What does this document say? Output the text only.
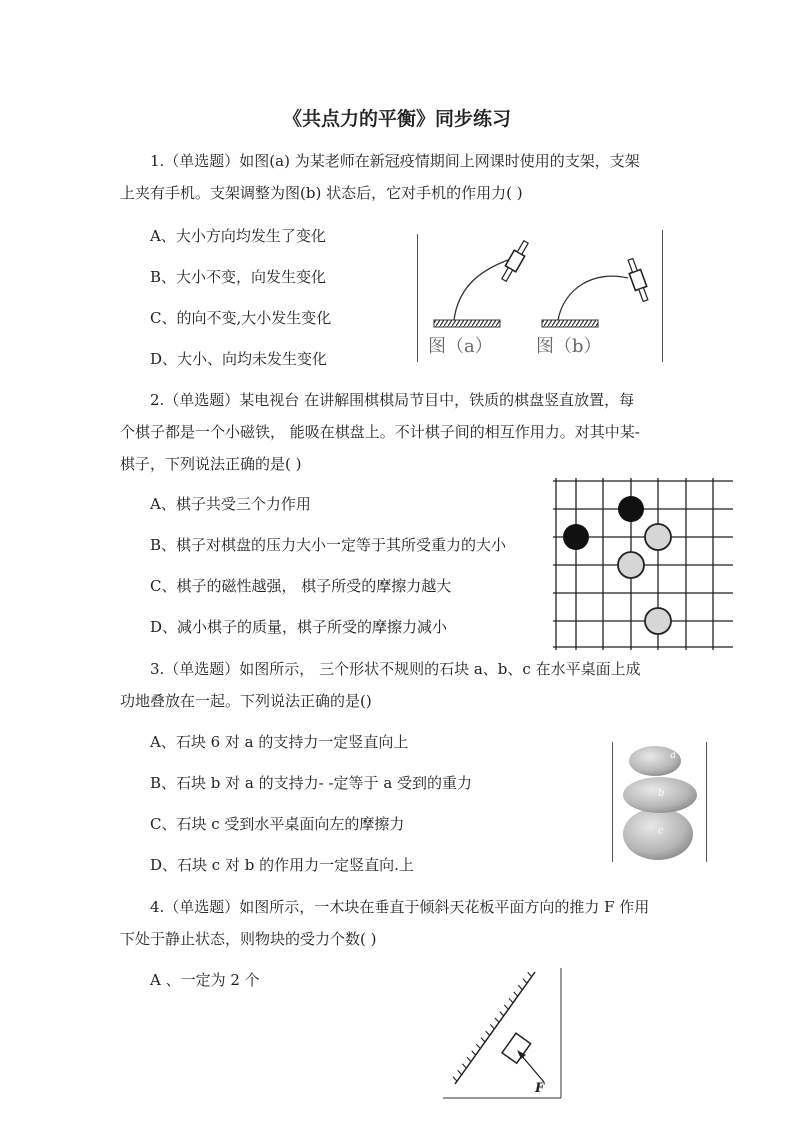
《共点力的平衡》同步练习
1.（单选题）如图(a) 为某老师在新冠疫情期间上网课时使用的支架，支架
上夹有手机。支架调整为图(b) 状态后，它对手机的作用力( )
A、大小方向均发生了变化
B、大小不变，向发生变化
C、的向不变,大小发生变化
D、大小、向均未发生变化
图（a） 图（b）
2.（单选题）某电视台 在讲解围棋棋局节目中，铁质的棋盘竖直放置，每
个棋子都是一个小磁铁， 能吸在棋盘上。不计棋子间的相互作用力。对其中某-
棋子，下列说法正确的是( )
A、棋子共受三个力作用
B、棋子对棋盘的压力大小一定等于其所受重力的大小
C、棋子的磁性越强， 棋子所受的摩擦力越大
D、减小棋子的质量，棋子所受的摩擦力减小
3.（单选题）如图所示， 三个形状不规则的石块 a、b、c 在水平桌面上成
功地叠放在一起。下列说法正确的是()
A、石块 6 对 a 的支持力一定竖直向上
B、石块 b 对 a 的支持力- -定等于 a 受到的重力
C、石块 c 受到水平桌面向左的摩擦力
D、石块 c 对 b 的作用力一定竖直向.上
a
b
c
4.（单选题）如图所示，一木块在垂直于倾斜天花板平面方向的推力 F 作用
下处于静止状态，则物块的受力个数( )
A 、一定为 2 个
F
